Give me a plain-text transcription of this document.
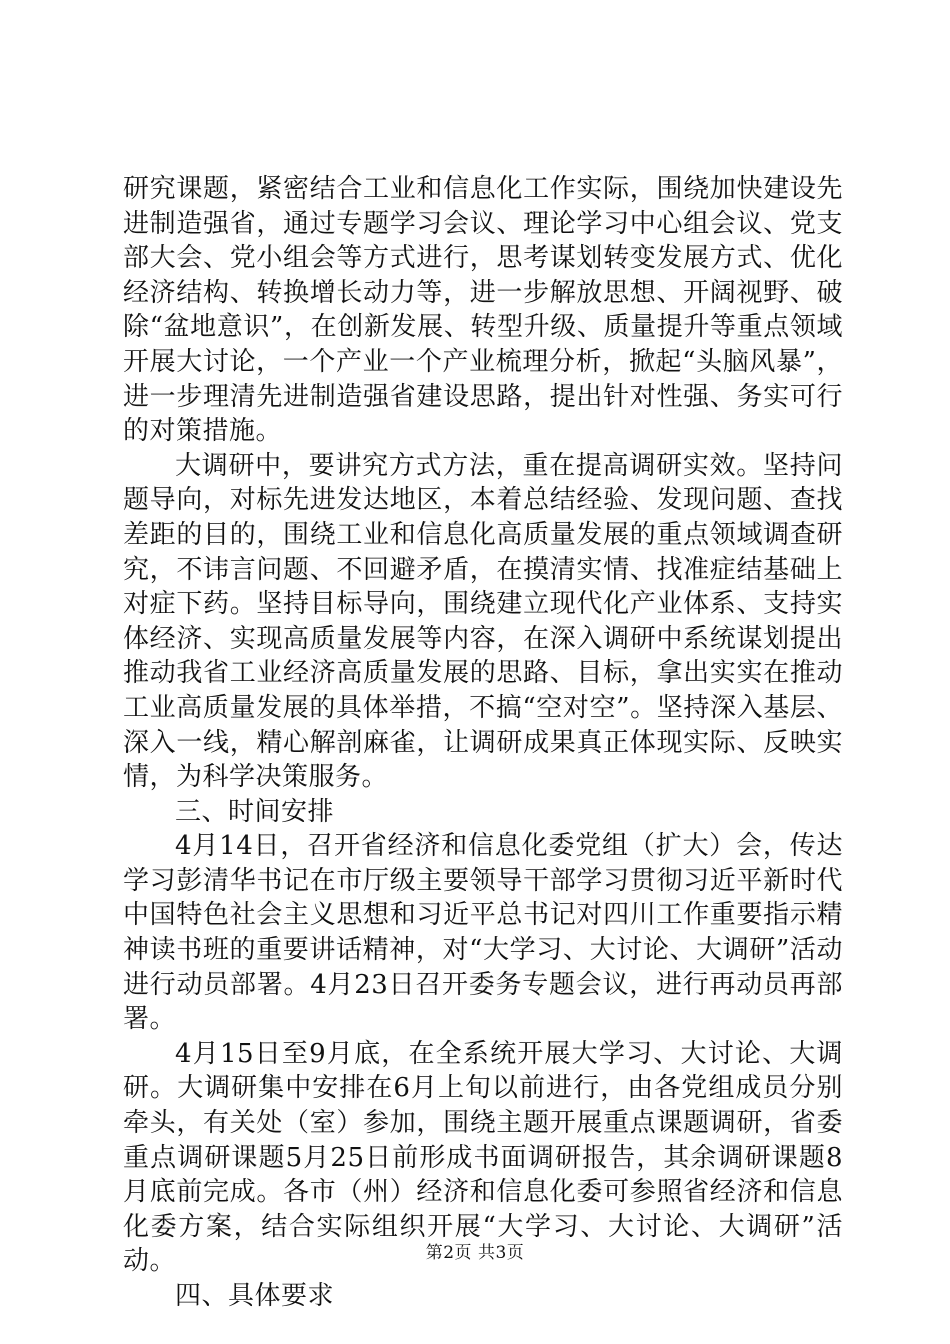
研究课题，紧密结合工业和信息化工作实际，围绕加快建设先进制造强省，通过专题学习会议、理论学习中心组会议、党支部大会、党小组会等方式进行，思考谋划转变发展方式、优化经济结构、转换增长动力等，进一步解放思想、开阔视野、破除“盆地意识”，在创新发展、转型升级、质量提升等重点领域开展大讨论，一个产业一个产业梳理分析，掀起“头脑风暴”，进一步理清先进制造强省建设思路，提出针对性强、务实可行的对策措施。

大调研中，要讲究方式方法，重在提高调研实效。坚持问题导向，对标先进发达地区，本着总结经验、发现问题、查找差距的目的，围绕工业和信息化高质量发展的重点领域调查研究，不讳言问题、不回避矛盾，在摸清实情、找准症结基础上对症下药。坚持目标导向，围绕建立现代化产业体系、支持实体经济、实现高质量发展等内容，在深入调研中系统谋划提出推动我省工业经济高质量发展的思路、目标，拿出实实在推动工业高质量发展的具体举措，不搞“空对空”。坚持深入基层、深入一线，精心解剖麻雀，让调研成果真正体现实际、反映实情，为科学决策服务。

三、时间安排

4月14日，召开省经济和信息化委党组（扩大）会，传达学习彭清华书记在市厅级主要领导干部学习贯彻习近平新时代中国特色社会主义思想和习近平总书记对四川工作重要指示精神读书班的重要讲话精神，对“大学习、大讨论、大调研”活动进行动员部署。4月23日召开委务专题会议，进行再动员再部署。

4月15日至9月底，在全系统开展大学习、大讨论、大调研。大调研集中安排在6月上旬以前进行，由各党组成员分别牵头，有关处（室）参加，围绕主题开展重点课题调研，省委重点调研课题5月25日前形成书面调研报告，其余调研课题8月底前完成。各市（州）经济和信息化委可参照省经济和信息化委方案，结合实际组织开展“大学习、大讨论、大调研”活动。

四、具体要求

第2页 共3页
